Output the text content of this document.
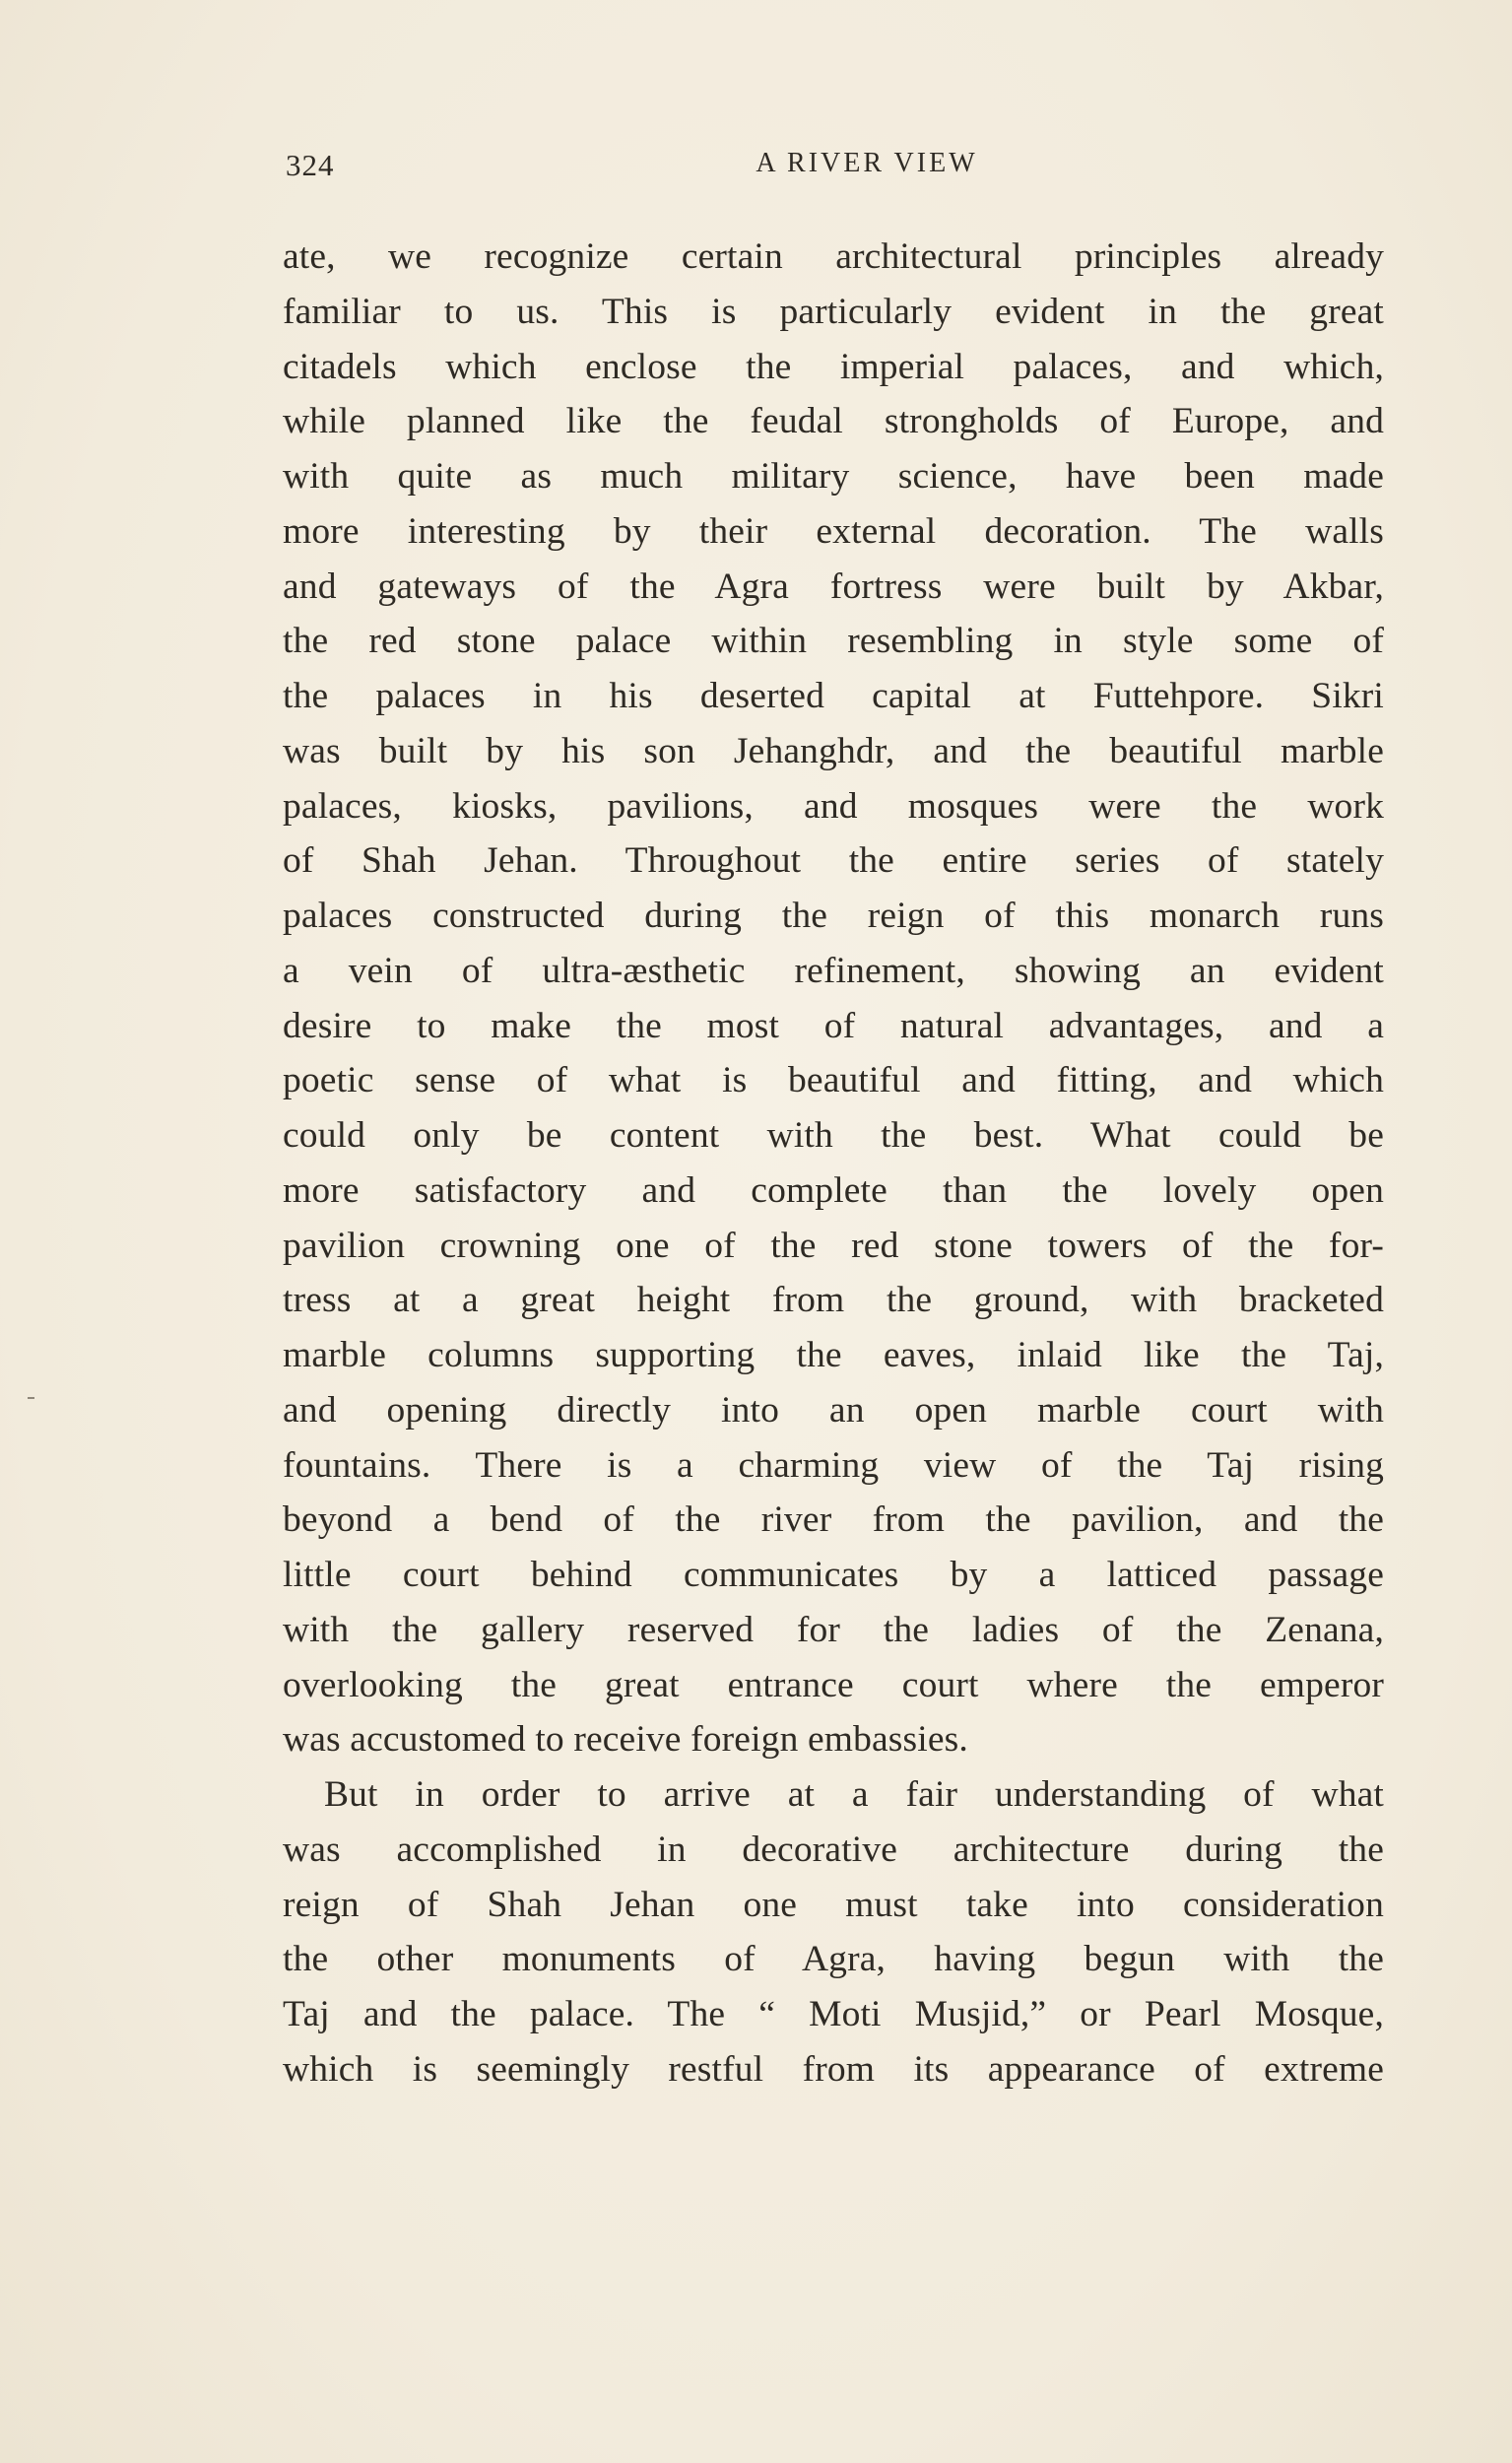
324	A RIVER VIEW
ate, we recognize certain architectural principles already
familiar to us. This is particularly evident in the great
citadels which enclose the imperial palaces, and which,
while planned like the feudal strongholds of Europe, and
with quite as much military science, have been made
more interesting by their external decoration. The walls
and gateways of the Agra fortress were built by Akbar,
the red stone palace within resembling in style some of
the palaces in his deserted capital at Futtehpore. Sikri
was built by his son Jehanghdr, and the beautiful marble
palaces, kiosks, pavilions, and mosques were the work
of Shah Jehan. Throughout the entire series of stately
palaces constructed during the reign of this monarch runs
a vein of ultra-æsthetic refinement, showing an evident
desire to make the most of natural advantages, and a
poetic sense of what is beautiful and fitting, and which
could only be content with the best. What could be
more satisfactory and complete than the lovely open
pavilion crowning one of the red stone towers of the for-
tress at a great height from the ground, with bracketed
marble columns supporting the eaves, inlaid like the Taj,
and opening directly into an open marble court with
fountains. There is a charming view of the Taj rising
beyond a bend of the river from the pavilion, and the
little court behind communicates by a latticed passage
with the gallery reserved for the ladies of the Zenana,
overlooking the great entrance court where the emperor
was accustomed to receive foreign embassies.
But in order to arrive at a fair understanding of what
was accomplished in decorative architecture during the
reign of Shah Jehan one must take into consideration
the other monuments of Agra, having begun with the
Taj and the palace. The “ Moti Musjid,” or Pearl Mosque,
which is seemingly restful from its appearance of extreme
